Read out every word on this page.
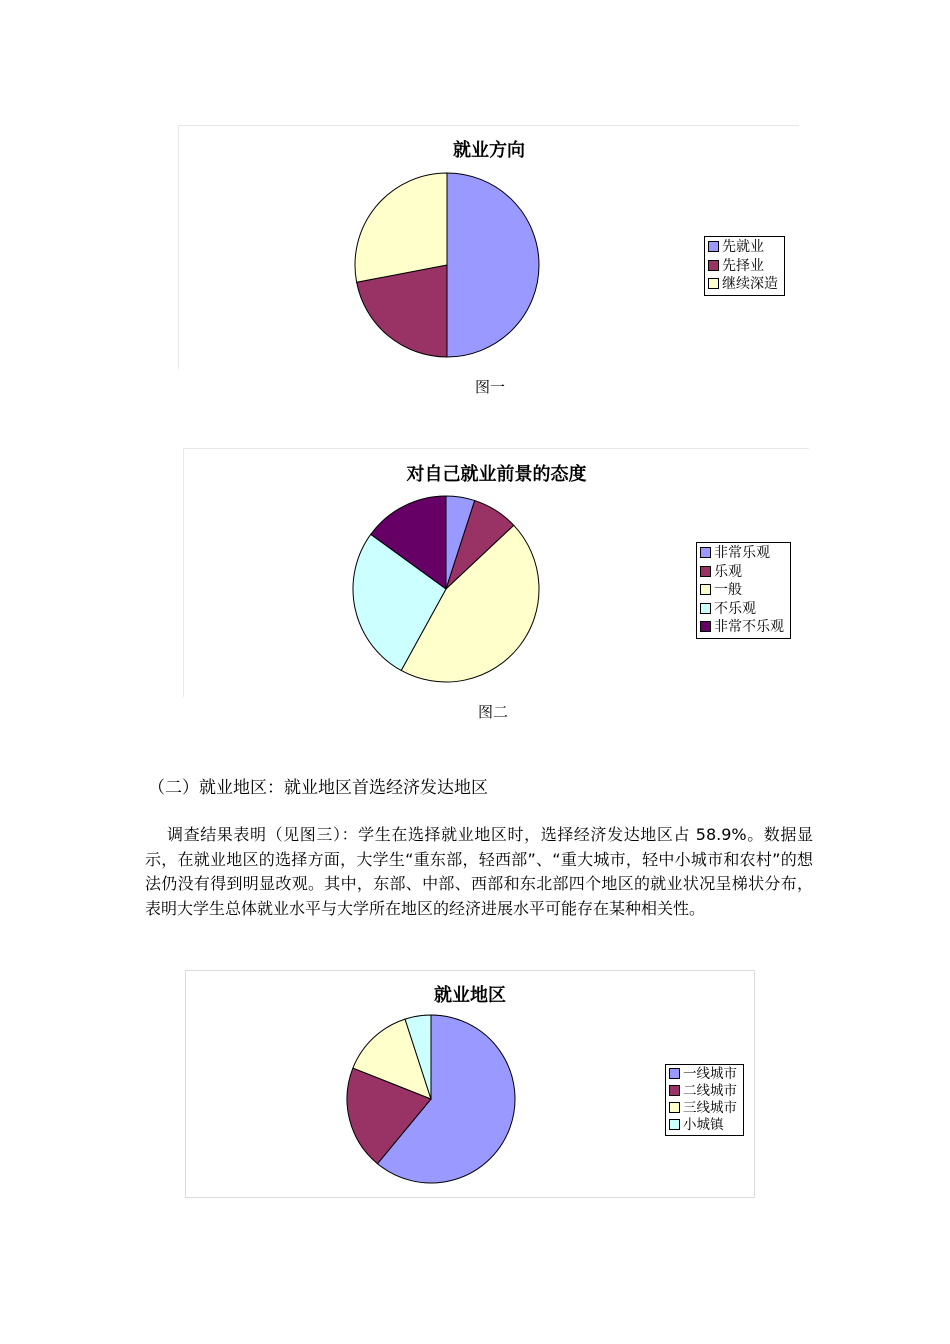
就业方向
先就业
先择业
继续深造
图一
对自己就业前景的态度
非常乐观
乐观
一般
不乐观
非常不乐观
图二
（二）就业地区：就业地区首选经济发达地区
调查结果表明（见图三）：学生在选择就业地区时，选择经济发达地区占 58.9%。数据显示，在就业地区的选择方面，大学生“重东部，轻西部”、“重大城市，轻中小城市和农村”的想法仍没有得到明显改观。其中，东部、中部、西部和东北部四个地区的就业状况呈梯状分布，表明大学生总体就业水平与大学所在地区的经济进展水平可能存在某种相关性。
就业地区
一线城市
二线城市
三线城市
小城镇
